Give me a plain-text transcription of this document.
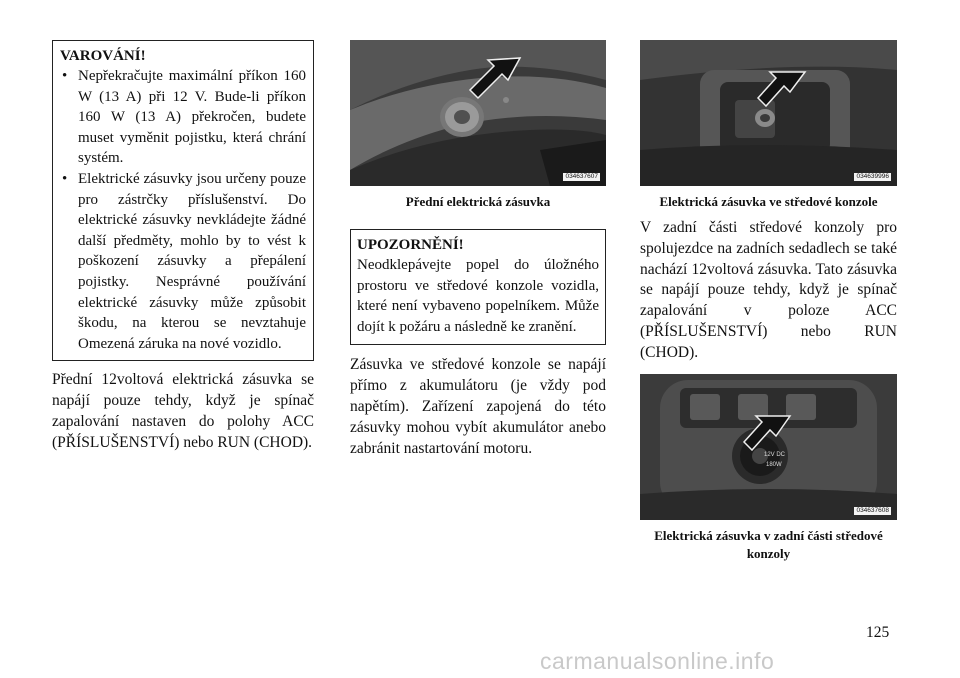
VAROVÁNÍ!
• Nepřekračujte maximální příkon 160 W (13 A) při 12 V. Bude-li příkon 160 W (13 A) překročen, budete muset vyměnit pojistku, která chrání systém.
• Elektrické zásuvky jsou určeny pouze pro zástrčky příslušenství. Do elektrické zásuvky nevkládejte žádné další předměty, mohlo by to vést k poškození zásuvky a přepálení pojistky. Nesprávné používání elektrické zásuvky může způsobit škodu, na kterou se nevztahuje Omezená záruka na nové vozidlo.

Přední 12voltová elektrická zásuvka se napájí pouze tehdy, když je spínač zapalování nastaven do polohy ACC (PŘÍSLUŠENSTVÍ) nebo RUN (CHOD).

034637607
Přední elektrická zásuvka
UPOZORNĚNÍ!

Neodklepávejte popel do úložného prostoru ve středové konzole vozidla, které není vybaveno popelníkem. Může dojít k požáru a následně ke zranění.

Zásuvka ve středové konzole se napájí přímo z akumulátoru (je vždy pod napětím). Zařízení zapojená do této zásuvky mohou vybít akumulátor anebo zabránit nastartování motoru.

034639996
Elektrická zásuvka ve středové konzole

V zadní části středové konzoly pro spolujezdce na zadních sedadlech se také nachází 12voltová zásuvka. Tato zásuvka se napájí pouze tehdy, když je spínač zapalování v poloze ACC (PŘÍSLUŠENSTVÍ) nebo RUN (CHOD).

12V DC
180W
034637608
Elektrická zásuvka v zadní části středové konzoly
125
carmanualsonline.info
